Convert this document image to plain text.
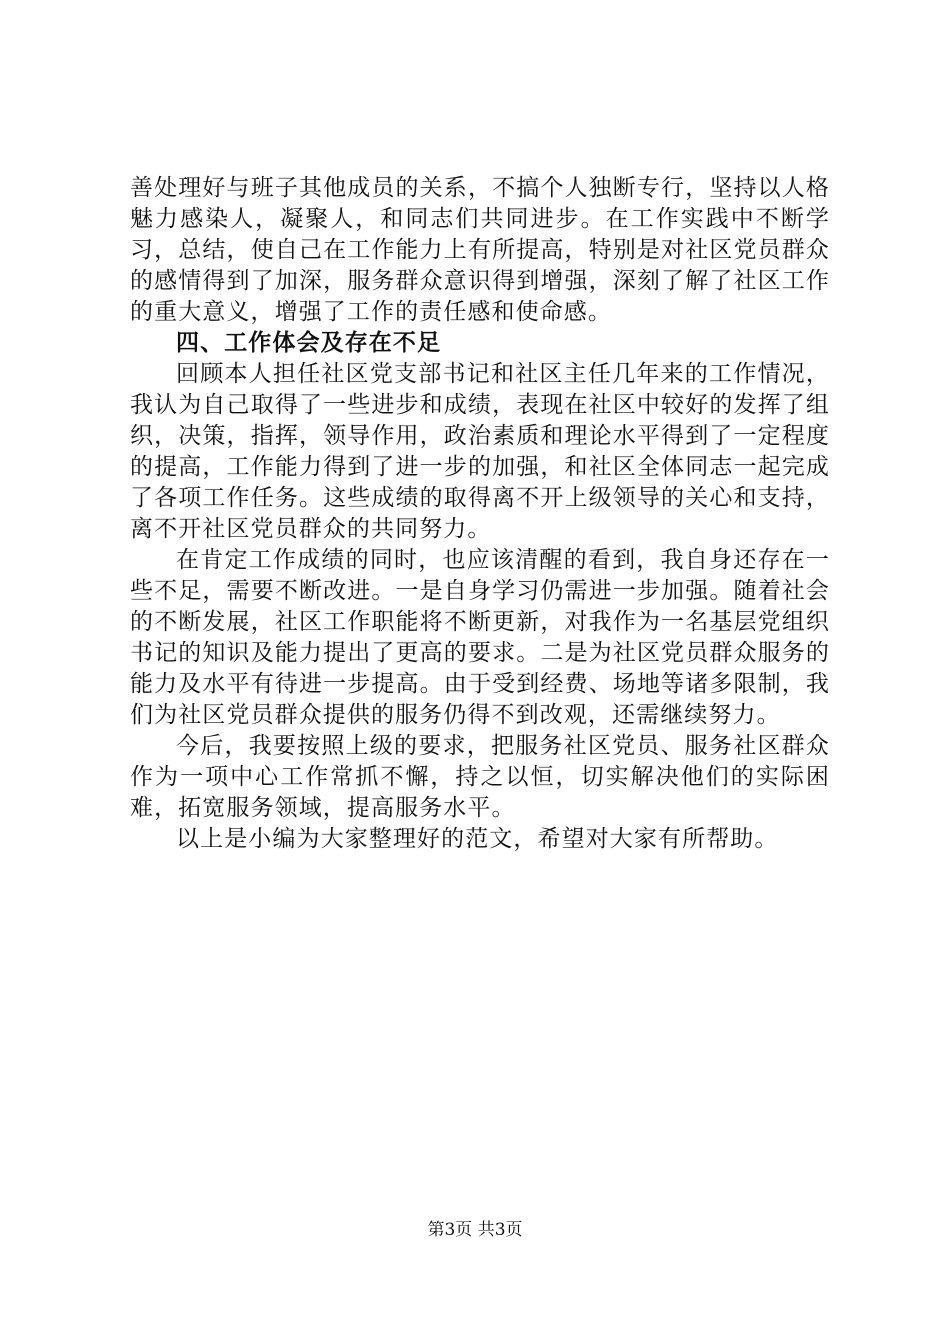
善处理好与班子其他成员的关系，不搞个人独断专行，坚持以人格魅力感染人，凝聚人，和同志们共同进步。在工作实践中不断学习，总结，使自己在工作能力上有所提高，特别是对社区党员群众的感情得到了加深，服务群众意识得到增强，深刻了解了社区工作的重大意义，增强了工作的责任感和使命感。

四、工作体会及存在不足

回顾本人担任社区党支部书记和社区主任几年来的工作情况，我认为自己取得了一些进步和成绩，表现在社区中较好的发挥了组织，决策，指挥，领导作用，政治素质和理论水平得到了一定程度的提高，工作能力得到了进一步的加强，和社区全体同志一起完成了各项工作任务。这些成绩的取得离不开上级领导的关心和支持，离不开社区党员群众的共同努力。

在肯定工作成绩的同时，也应该清醒的看到，我自身还存在一些不足，需要不断改进。一是自身学习仍需进一步加强。随着社会的不断发展，社区工作职能将不断更新，对我作为一名基层党组织书记的知识及能力提出了更高的要求。二是为社区党员群众服务的能力及水平有待进一步提高。由于受到经费、场地等诸多限制，我们为社区党员群众提供的服务仍得不到改观，还需继续努力。

今后，我要按照上级的要求，把服务社区党员、服务社区群众作为一项中心工作常抓不懈，持之以恒，切实解决他们的实际困难，拓宽服务领域，提高服务水平。

以上是小编为大家整理好的范文，希望对大家有所帮助。

第3页 共3页
